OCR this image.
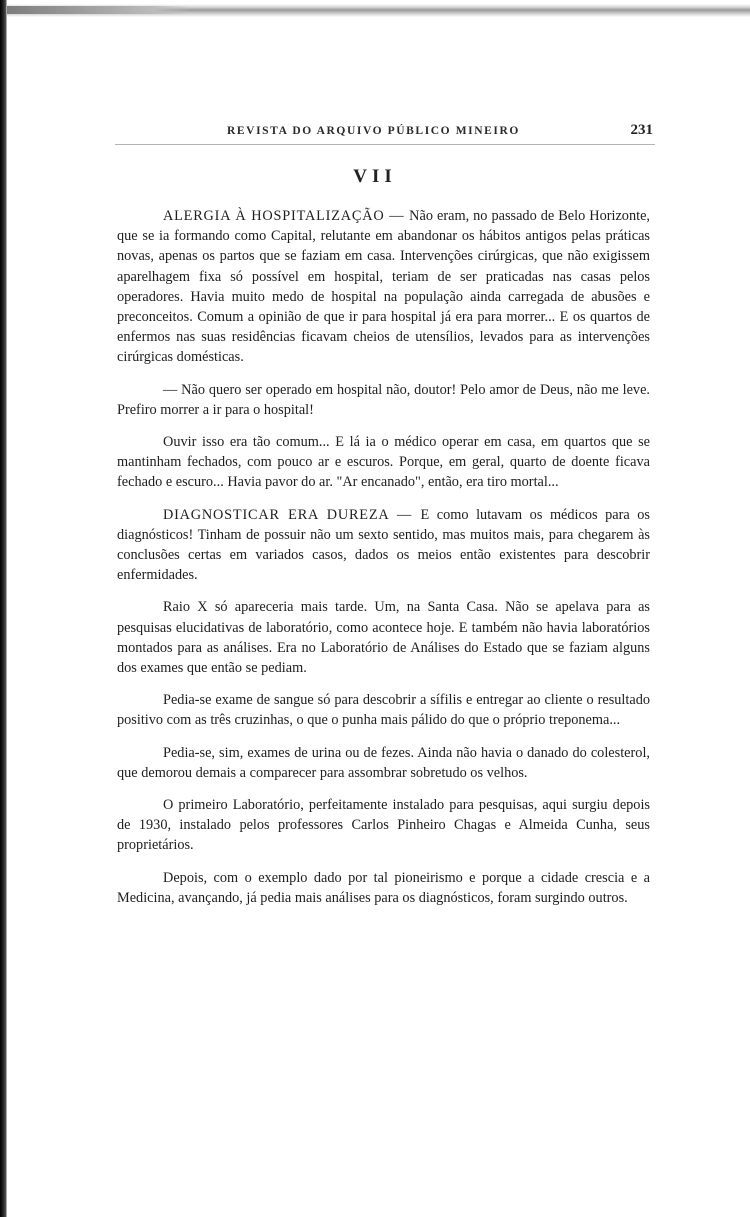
REVISTA DO ARQUIVO PÚBLICO MINEIRO	231
VII

ALERGIA À HOSPITALIZAÇÃO — Não eram, no passado de Belo Horizonte, que se ia formando como Capital, relutante em abandonar os hábitos antigos pelas práticas novas, apenas os partos que se faziam em casa. Intervenções cirúrgicas, que não exigissem aparelhagem fixa só possível em hospital, teriam de ser praticadas nas casas pelos operadores. Havia muito medo de hospital na população ainda carregada de abusões e preconceitos. Comum a opinião de que ir para hospital já era para morrer... E os quartos de enfermos nas suas residências ficavam cheios de utensílios, levados para as intervenções cirúrgicas domésticas.

— Não quero ser operado em hospital não, doutor! Pelo amor de Deus, não me leve. Prefiro morrer a ir para o hospital!

Ouvir isso era tão comum... E lá ia o médico operar em casa, em quartos que se mantinham fechados, com pouco ar e escuros. Porque, em geral, quarto de doente ficava fechado e escuro... Havia pavor do ar. "Ar encanado", então, era tiro mortal...

DIAGNOSTICAR ERA DUREZA — E como lutavam os médicos para os diagnósticos! Tinham de possuir não um sexto sentido, mas muitos mais, para chegarem às conclusões certas em variados casos, dados os meios então existentes para descobrir enfermidades.

Raio X só apareceria mais tarde. Um, na Santa Casa. Não se apelava para as pesquisas elucidativas de laboratório, como acontece hoje. E também não havia laboratórios montados para as análises. Era no Laboratório de Análises do Estado que se faziam alguns dos exames que então se pediam.

Pedia-se exame de sangue só para descobrir a sífilis e entregar ao cliente o resultado positivo com as três cruzinhas, o que o punha mais pálido do que o próprio treponema...

Pedia-se, sim, exames de urina ou de fezes. Ainda não havia o danado do colesterol, que demorou demais a comparecer para assombrar sobretudo os velhos.

O primeiro Laboratório, perfeitamente instalado para pesquisas, aqui surgiu depois de 1930, instalado pelos professores Carlos Pinheiro Chagas e Almeida Cunha, seus proprietários.

Depois, com o exemplo dado por tal pioneirismo e porque a cidade crescia e a Medicina, avançando, já pedia mais análises para os diagnósticos, foram surgindo outros.
